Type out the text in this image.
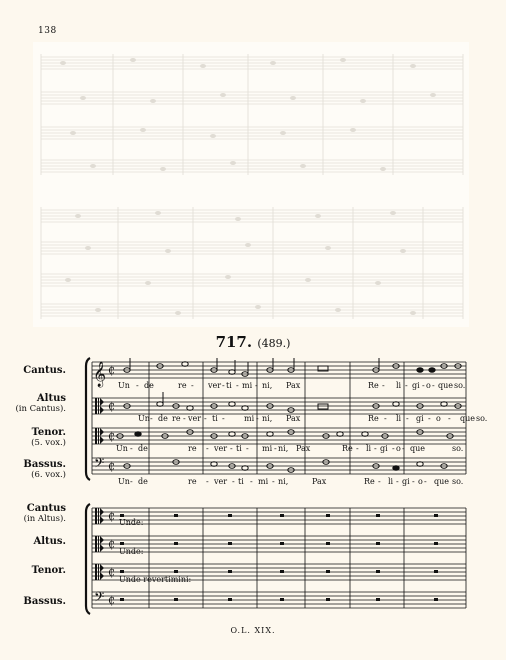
138
717. (489.)
Cantus.
Altus
(in Cantus).
Tenor.
(5. vox.)
Bassus.
(6. vox.)
Cantus
(in Altus).
Altus.
Tenor.
Bassus.
𝄞
𝄢
𝄢
₵
₵
₵
₵
₵
₵
₵
₵
Un - de	re - ver - ti - mi - ni, Pax	Re - li - gi - o - que so.
Un - de re - ver - ti - mi - ni, Pax	Re - li - gi - o - que so.
Un - de	re - ver - ti - mi - ni, Pax	Re - li - gi - o - que	so.
Un - de	re - ver - ti - mi - ni,	Pax	Re - li - gi - o - que so.
Unde:
Unde:
Unde revertimini:
O.L. XIX.
